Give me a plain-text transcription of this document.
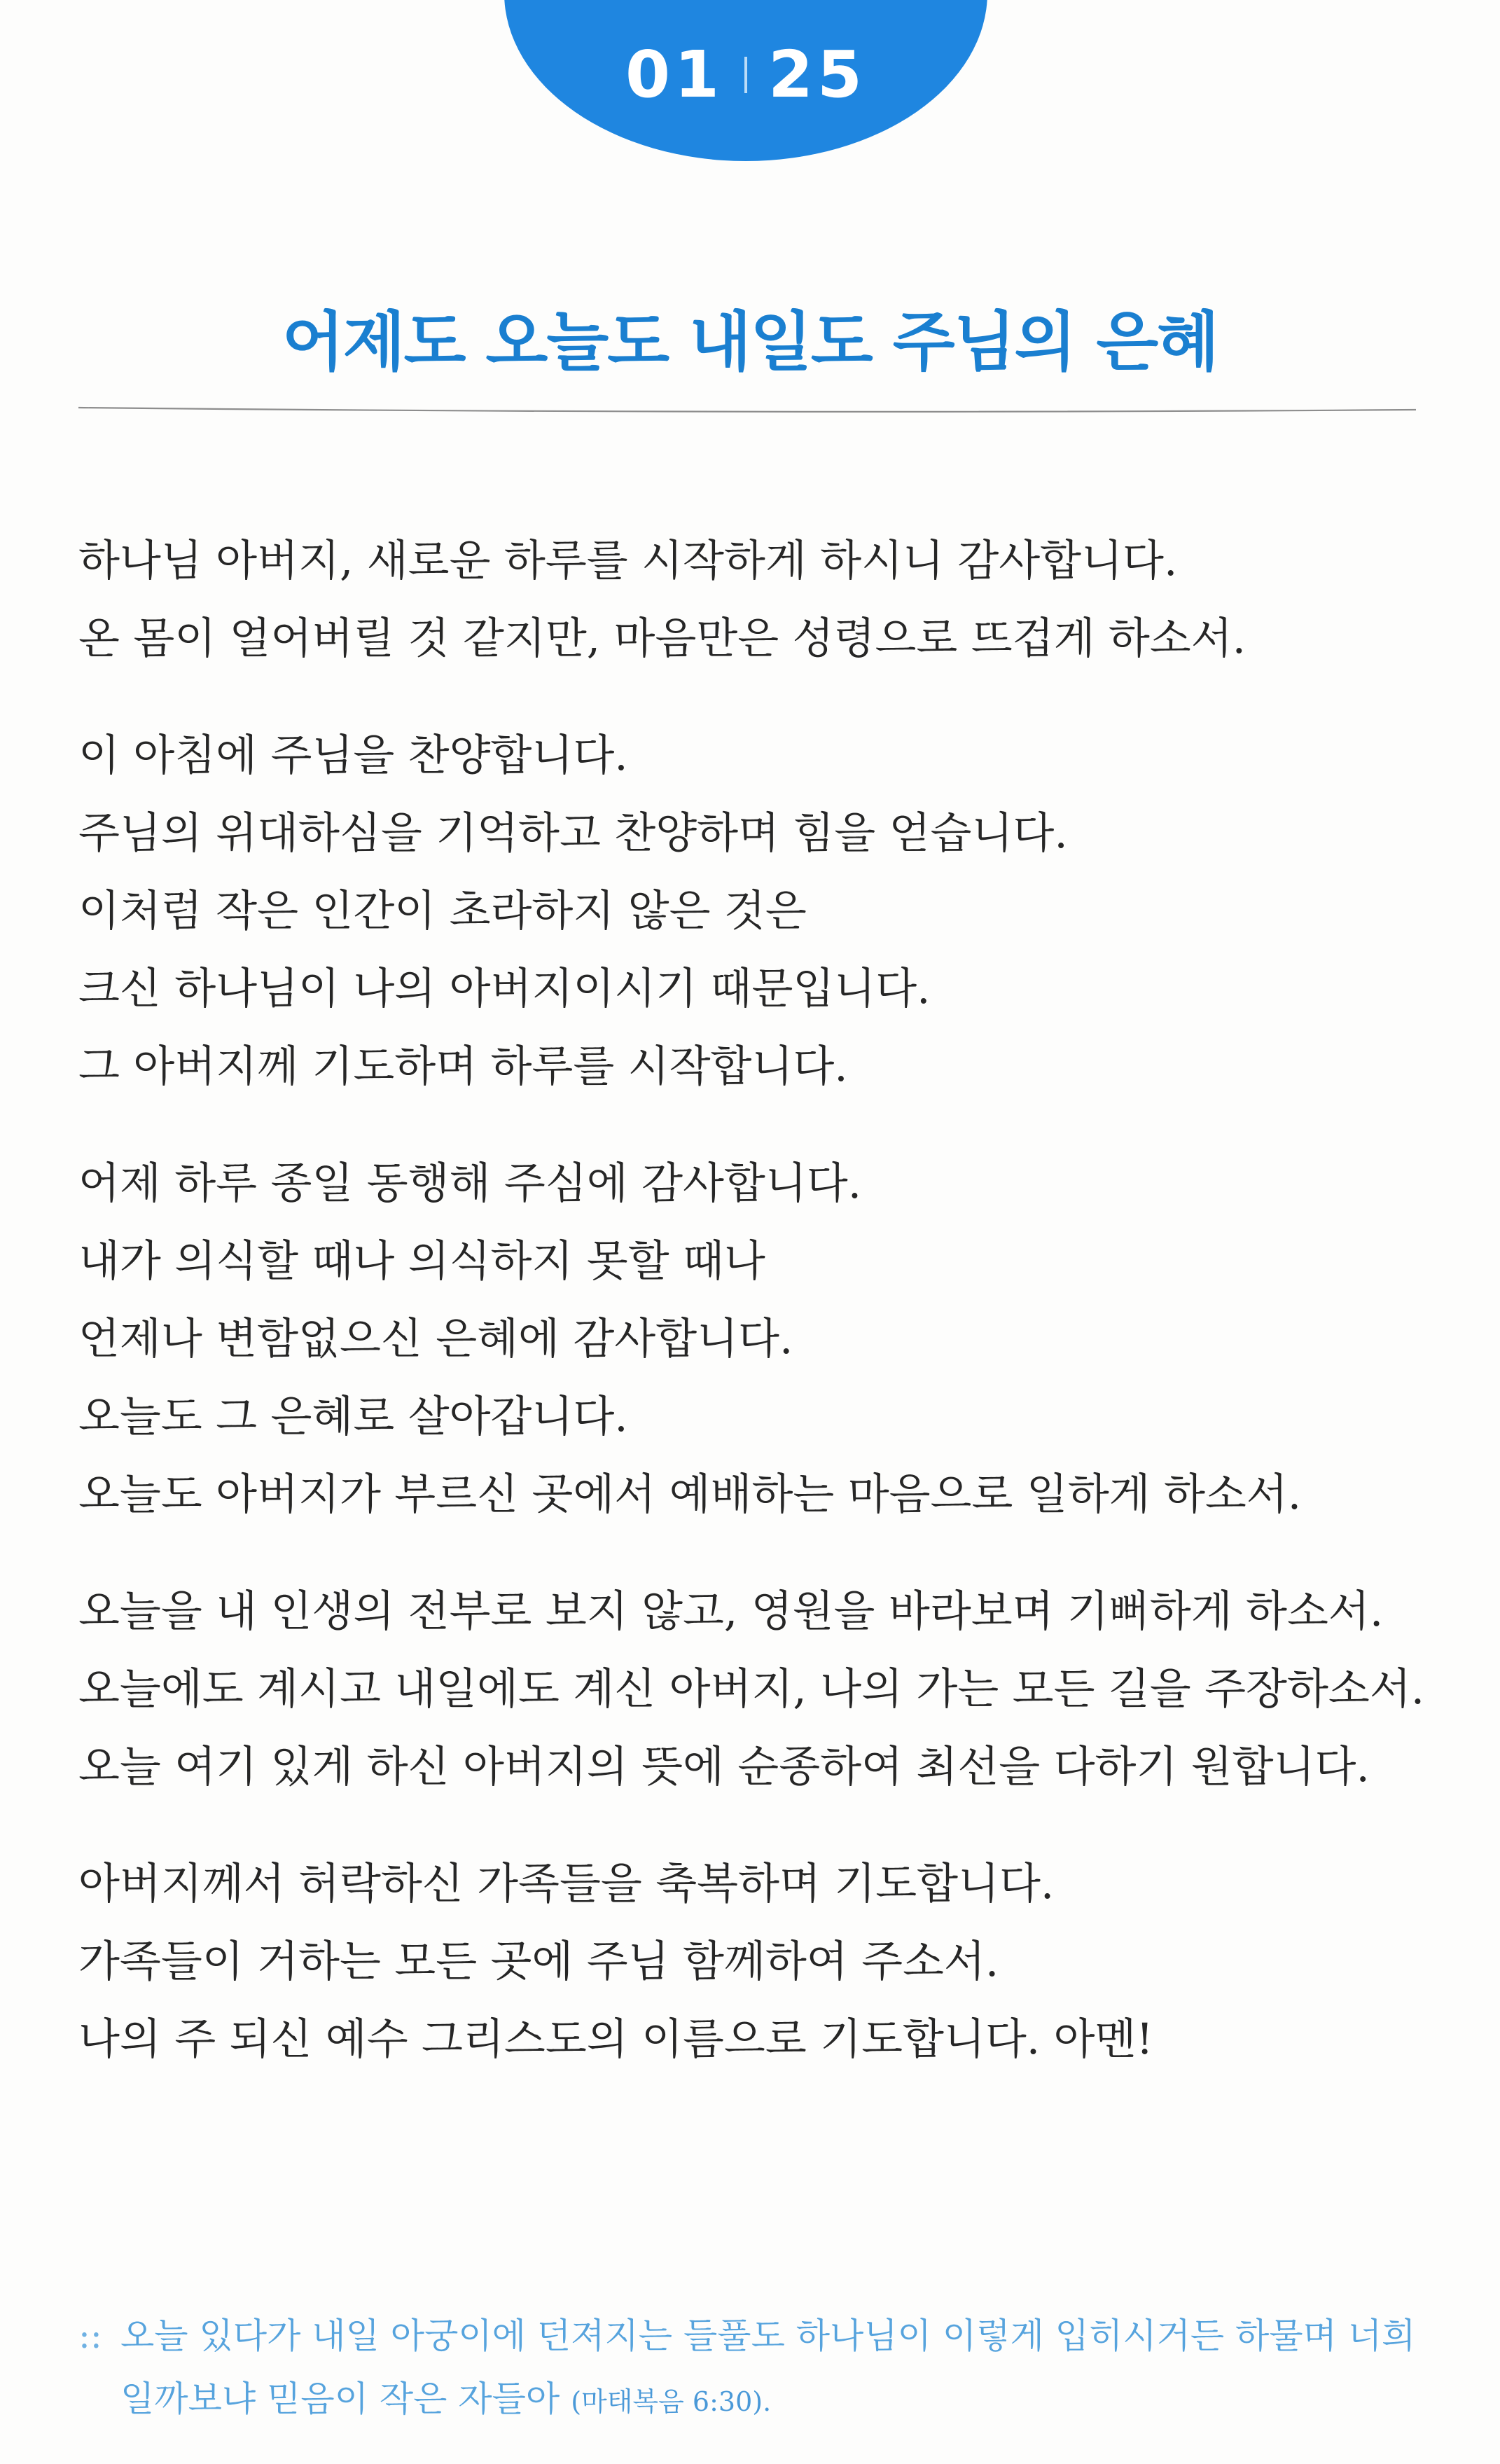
01 25
어제도 오늘도 내일도 주님의 은혜
하나님 아버지, 새로운 하루를 시작하게 하시니 감사합니다.
온 몸이 얼어버릴 것 같지만, 마음만은 성령으로 뜨겁게 하소서.
이 아침에 주님을 찬양합니다.
주님의 위대하심을 기억하고 찬양하며 힘을 얻습니다.
이처럼 작은 인간이 초라하지 않은 것은
크신 하나님이 나의 아버지이시기 때문입니다.
그 아버지께 기도하며 하루를 시작합니다.
어제 하루 종일 동행해 주심에 감사합니다.
내가 의식할 때나 의식하지 못할 때나
언제나 변함없으신 은혜에 감사합니다.
오늘도 그 은혜로 살아갑니다.
오늘도 아버지가 부르신 곳에서 예배하는 마음으로 일하게 하소서.
오늘을 내 인생의 전부로 보지 않고, 영원을 바라보며 기뻐하게 하소서.
오늘에도 계시고 내일에도 계신 아버지, 나의 가는 모든 길을 주장하소서.
오늘 여기 있게 하신 아버지의 뜻에 순종하여 최선을 다하기 원합니다.
아버지께서 허락하신 가족들을 축복하며 기도합니다.
가족들이 거하는 모든 곳에 주님 함께하여 주소서.
나의 주 되신 예수 그리스도의 이름으로 기도합니다. 아멘!
:: 오늘 있다가 내일 아궁이에 던져지는 들풀도 하나님이 이렇게 입히시거든 하물며 너희
일까보냐 믿음이 작은 자들아 (마태복음 6:30).
